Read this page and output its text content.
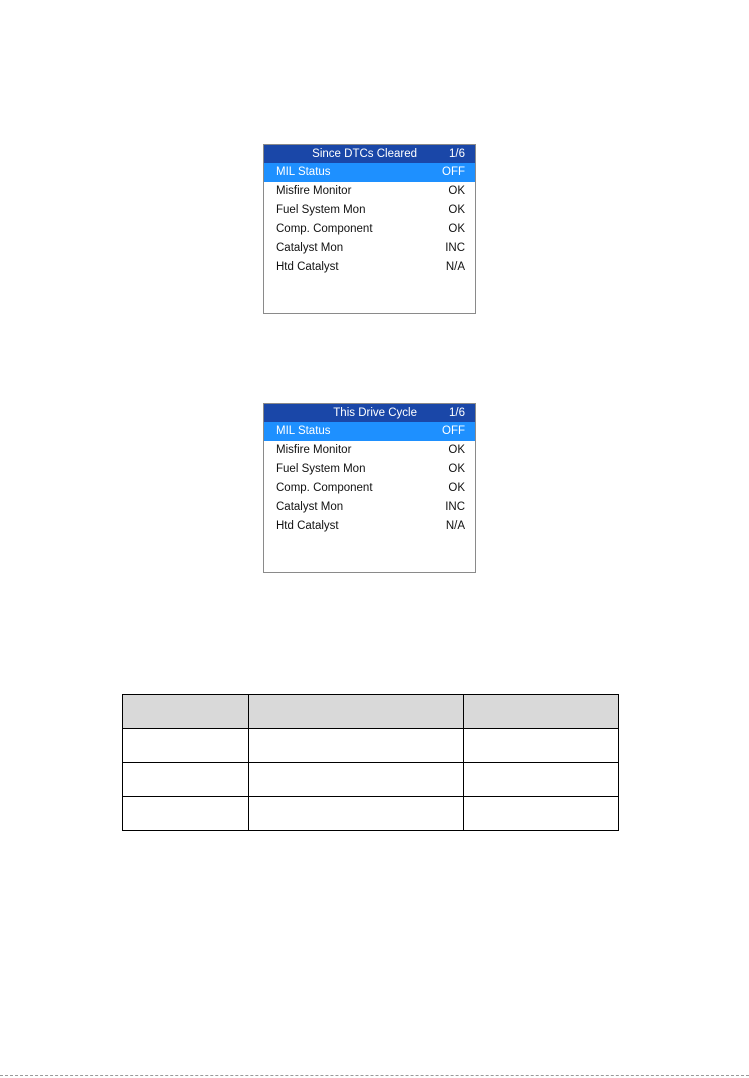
Since DTCs Cleared	1/6
MIL Status	OFF
Misfire Monitor	OK
Fuel System Mon	OK
Comp. Component	OK
Catalyst Mon	INC
Htd Catalyst	N/A
This Drive Cycle	1/6
MIL Status	OFF
Misfire Monitor	OK
Fuel System Mon	OK
Comp. Component	OK
Catalyst Mon	INC
Htd Catalyst	N/A
